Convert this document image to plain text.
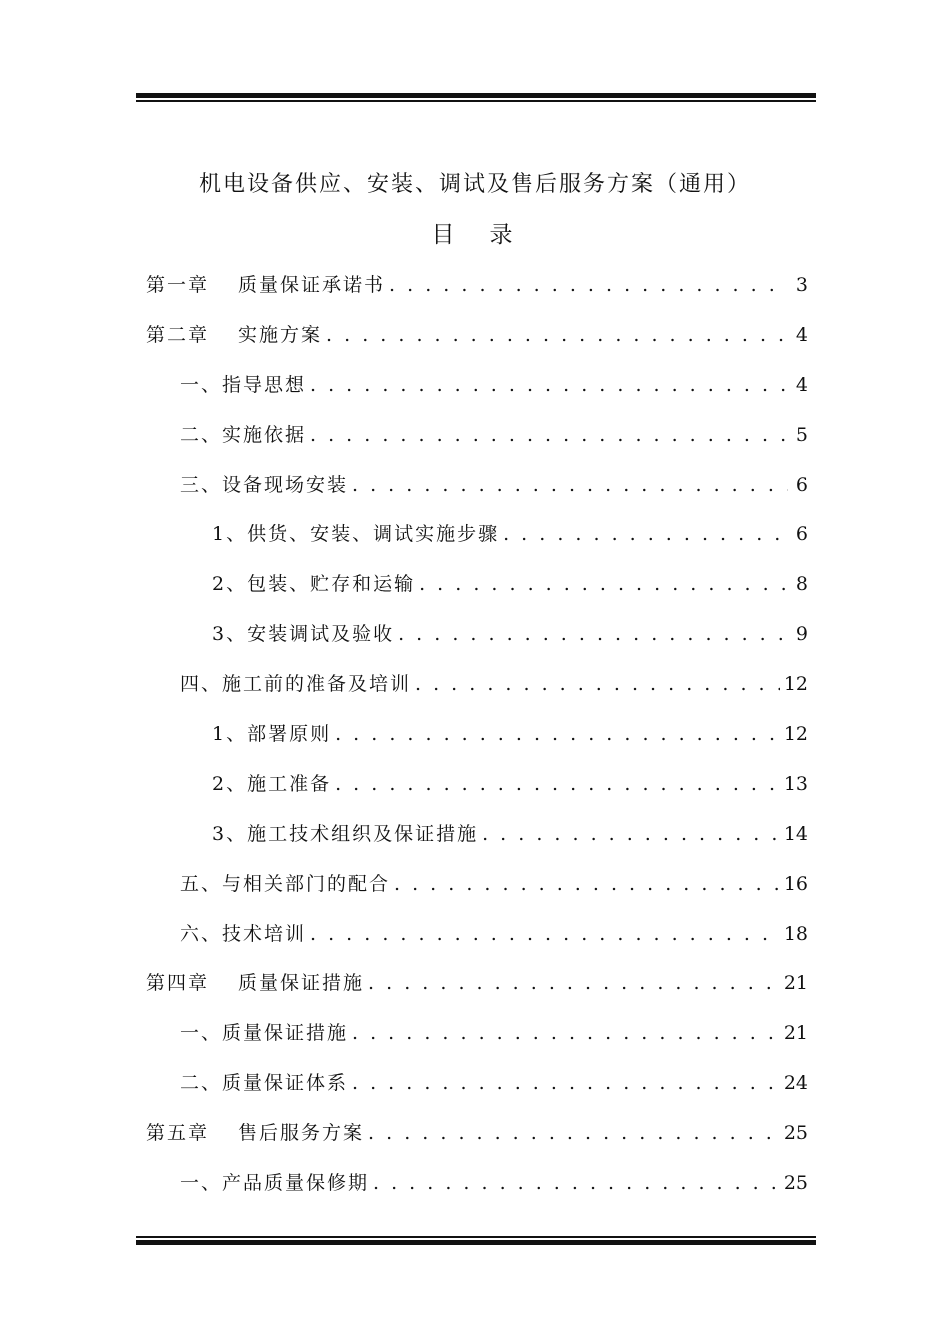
机电设备供应、安装、调试及售后服务方案（通用）
目　录
第一章　 质量保证承诺书 . . .	3
第二章　 实施方案 . . .	4
一、指导思想 . . .	4
二、实施依据 . . .	5
三、设备现场安装 . . .	6
1、供货、安装、调试实施步骤 . . .	6
2、包装、贮存和运输 . . .	8
3、安装调试及验收 . . .	9
四、施工前的准备及培训 . . .	12
1、部署原则 . . .	12
2、施工准备 . . .	13
3、施工技术组织及保证措施 . . .	14
五、与相关部门的配合 . . .	16
六、技术培训 . . .	18
第四章　 质量保证措施 . . .	21
一、质量保证措施 . . .	21
二、质量保证体系 . . .	24
第五章　 售后服务方案 . . .	25
一、产品质量保修期 . . .	25
